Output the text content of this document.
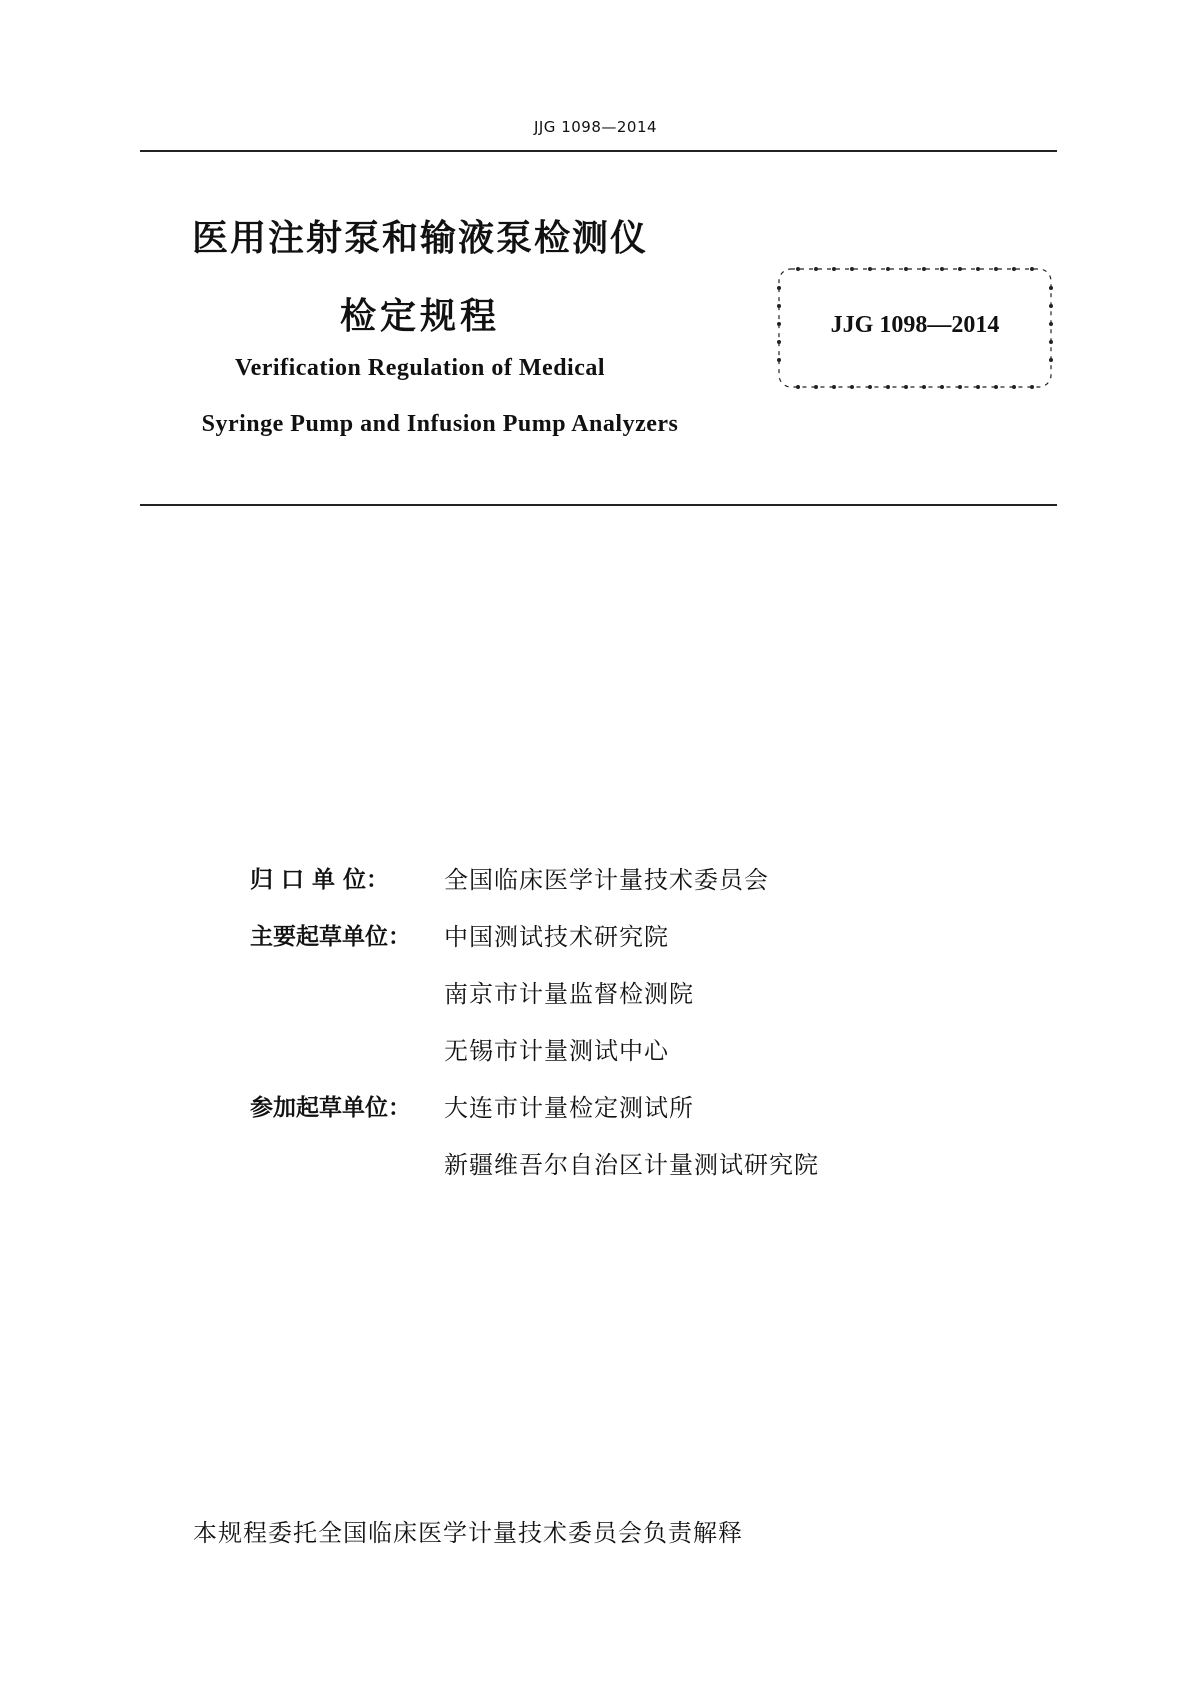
JJG 1098—2014
医用注射泵和输液泵检测仪
检定规程
Verification Regulation of Medical
Syringe Pump and Infusion Pump Analyzers
JJG 1098—2014
归 口 单 位：	全国临床医学计量技术委员会
主要起草单位：	中国测试技术研究院
南京市计量监督检测院
无锡市计量测试中心
参加起草单位：	大连市计量检定测试所
新疆维吾尔自治区计量测试研究院
本规程委托全国临床医学计量技术委员会负责解释
